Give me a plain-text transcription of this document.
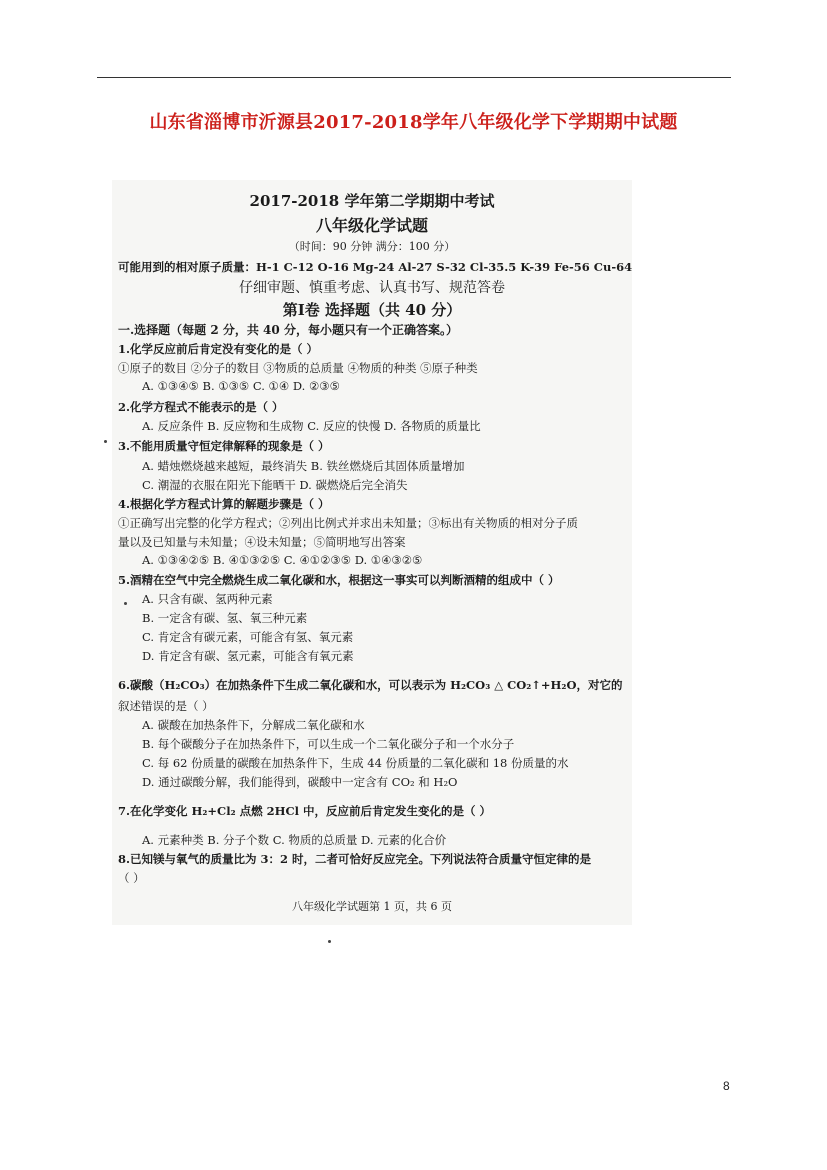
山东省淄博市沂源县2017-2018学年八年级化学下学期期中试题
2017-2018 学年第二学期期中考试
八年级化学试题
（时间：90 分钟 满分：100 分）
可能用到的相对原子质量：H-1 C-12 O-16 Mg-24 Al-27 S-32 Cl-35.5 K-39 Fe-56 Cu-64
仔细审题、慎重考虑、认真书写、规范答卷
第Ⅰ卷 选择题（共 40 分）
一.选择题（每题 2 分，共 40 分，每小题只有一个正确答案。）
1.化学反应前后肯定没有变化的是（ ）
①原子的数目 ②分子的数目 ③物质的总质量 ④物质的种类 ⑤原子种类
A. ①③④⑤ B. ①③⑤ C. ①④ D. ②③⑤
2.化学方程式不能表示的是（ ）
A. 反应条件 B. 反应物和生成物 C. 反应的快慢 D. 各物质的质量比
3.不能用质量守恒定律解释的现象是（ ）
A. 蜡烛燃烧越来越短，最终消失 B. 铁丝燃烧后其固体质量增加
C. 潮湿的衣服在阳光下能晒干 D. 碳燃烧后完全消失
4.根据化学方程式计算的解题步骤是（ ）
①正确写出完整的化学方程式；②列出比例式并求出未知量；③标出有关物质的相对分子质
量以及已知量与未知量；④设未知量；⑤简明地写出答案
A. ①③④②⑤ B. ④①③②⑤ C. ④①②③⑤ D. ①④③②⑤
5.酒精在空气中完全燃烧生成二氧化碳和水，根据这一事实可以判断酒精的组成中（ ）
A. 只含有碳、氢两种元素
B. 一定含有碳、氢、氧三种元素
C. 肯定含有碳元素，可能含有氢、氧元素
D. 肯定含有碳、氢元素，可能含有氧元素
6.碳酸（H₂CO₃）在加热条件下生成二氧化碳和水，可以表示为 H₂CO₃ △ CO₂↑+H₂O，对它的
叙述错误的是（ ）
A. 碳酸在加热条件下，分解成二氧化碳和水
B. 每个碳酸分子在加热条件下，可以生成一个二氧化碳分子和一个水分子
C. 每 62 份质量的碳酸在加热条件下，生成 44 份质量的二氧化碳和 18 份质量的水
D. 通过碳酸分解，我们能得到，碳酸中一定含有 CO₂ 和 H₂O
7.在化学变化 H₂+Cl₂ 点燃 2HCl 中，反应前后肯定发生变化的是（ ）
A. 元素种类 B. 分子个数 C. 物质的总质量 D. 元素的化合价
8.已知镁与氧气的质量比为 3：2 时，二者可恰好反应完全。下列说法符合质量守恒定律的是
（ ）
八年级化学试题第 1 页，共 6 页
8
